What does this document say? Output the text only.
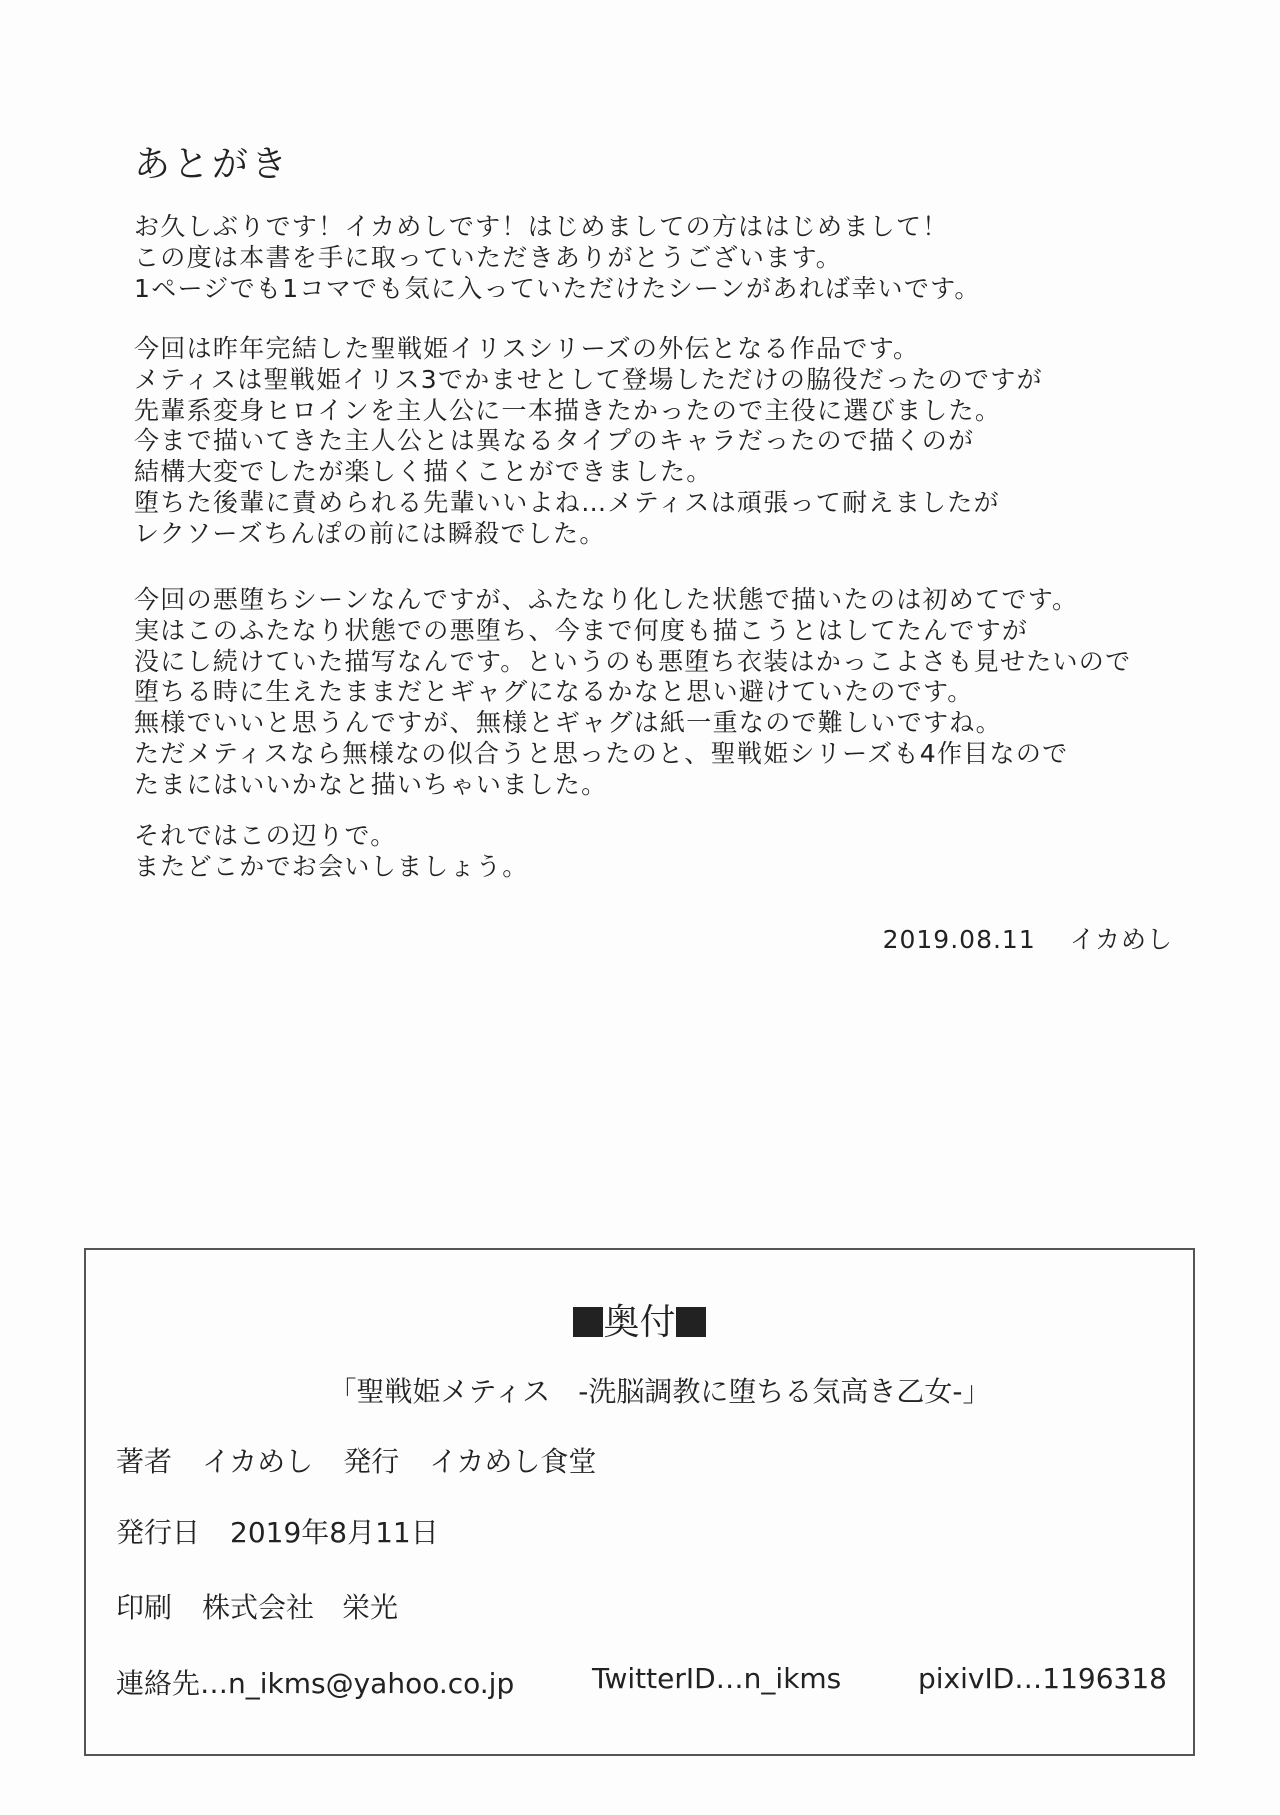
あとがき
お久しぶりです！イカめしです！はじめましての方ははじめまして！
この度は本書を手に取っていただきありがとうございます。
1ページでも1コマでも気に入っていただけたシーンがあれば幸いです。
今回は昨年完結した聖戦姫イリスシリーズの外伝となる作品です。
メティスは聖戦姫イリス3でかませとして登場しただけの脇役だったのですが
先輩系変身ヒロインを主人公に一本描きたかったので主役に選びました。
今まで描いてきた主人公とは異なるタイプのキャラだったので描くのが
結構大変でしたが楽しく描くことができました。
堕ちた後輩に責められる先輩いいよね…メティスは頑張って耐えましたが
レクソーズちんぽの前には瞬殺でした。
今回の悪堕ちシーンなんですが、ふたなり化した状態で描いたのは初めてです。
実はこのふたなり状態での悪堕ち、今まで何度も描こうとはしてたんですが
没にし続けていた描写なんです。というのも悪堕ち衣装はかっこよさも見せたいので
堕ちる時に生えたままだとギャグになるかなと思い避けていたのです。
無様でいいと思うんですが、無様とギャグは紙一重なので難しいですね。
ただメティスなら無様なの似合うと思ったのと、聖戦姫シリーズも4作目なので
たまにはいいかなと描いちゃいました。
それではこの辺りで。
またどこかでお会いしましょう。
2019.08.11 イカめし
奥付
「聖戦姫メティス　-洗脳調教に堕ちる気高き乙女-」
著者 イカめし 発行 イカめし食堂
発行日 2019年8月11日
印刷 株式会社　栄光
連絡先…n_ikms@yahoo.co.jp	TwitterID…n_ikms	pixivID…1196318
